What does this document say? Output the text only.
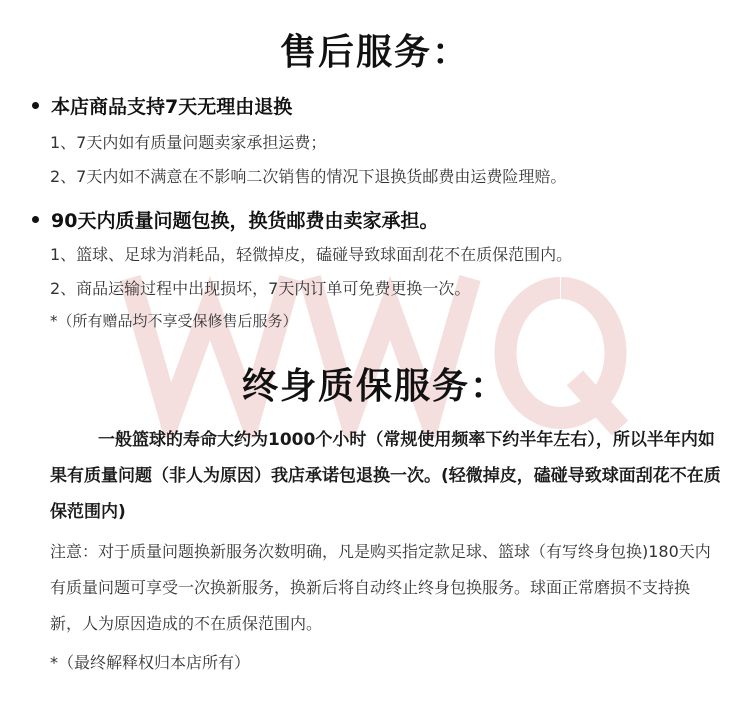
售后服务：
本店商品支持7天无理由退换
1、7天内如有质量问题卖家承担运费；
2、7天内如不满意在不影响二次销售的情况下退换货邮费由运费险理赔。
90天内质量问题包换，换货邮费由卖家承担。
1、篮球、足球为消耗品，轻微掉皮，磕碰导致球面刮花不在质保范围内。
2、商品运输过程中出现损坏，7天内订单可免费更换一次。
*（所有赠品均不享受保修售后服务）
终身质保服务：

一般篮球的寿命大约为1000个小时（常规使用频率下约半年左右），所以半年内如果有质量问题（非人为原因）我店承诺包退换一次。(轻微掉皮，磕碰导致球面刮花不在质保范围内)

注意：对于质量问题换新服务次数明确，凡是购买指定款足球、篮球（有写终身包换)180天内有质量问题可享受一次换新服务，换新后将自动终止终身包换服务。球面正常磨损不支持换新，人为原因造成的不在质保范围内。

*（最终解释权归本店所有）
